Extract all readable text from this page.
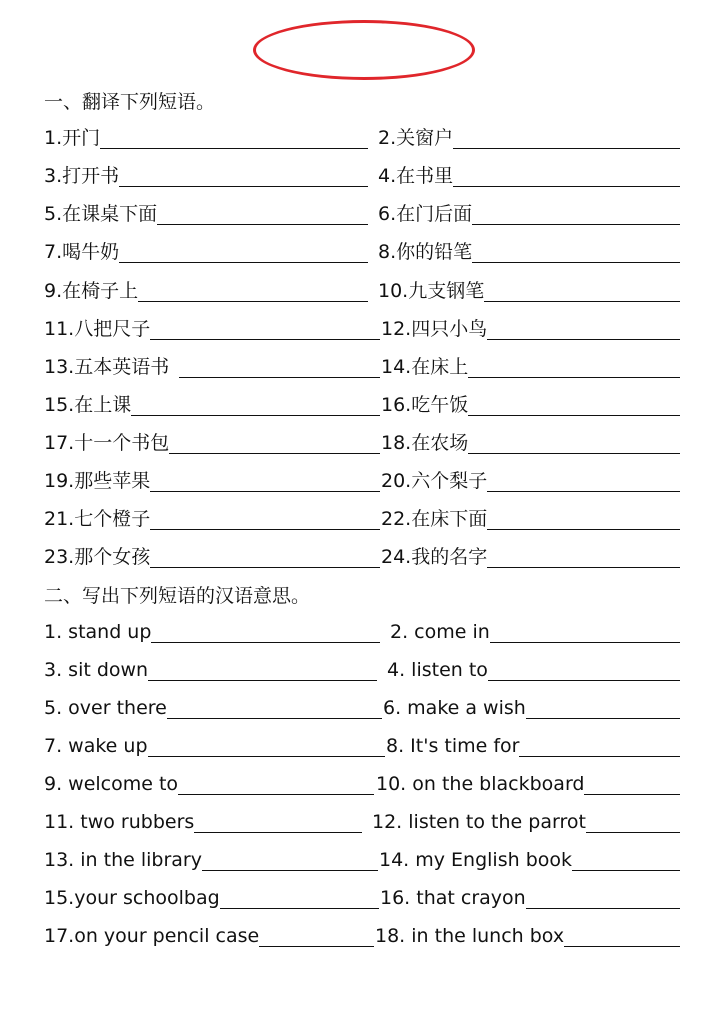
一、翻译下列短语。
1.开门	2.关窗户
3.打开书	4.在书里
5.在课桌下面	6.在门后面
7.喝牛奶	8.你的铅笔
9.在椅子上	10.九支钢笔
11.八把尺子	12.四只小鸟
13.五本英语书	14.在床上
15.在上课	16.吃午饭
17.十一个书包	18.在农场
19.那些苹果	20.六个梨子
21.七个橙子	22.在床下面
23.那个女孩	24.我的名字
二、写出下列短语的汉语意思。
1. stand up	2. come in
3. sit down	4. listen to
5. over there	6. make a wish
7. wake up	8. It's time for
9. welcome to	10. on the blackboard
11. two rubbers	12. listen to the parrot
13. in the library	14. my English book
15.your schoolbag	16. that crayon
17.on your pencil case	18. in the lunch box
